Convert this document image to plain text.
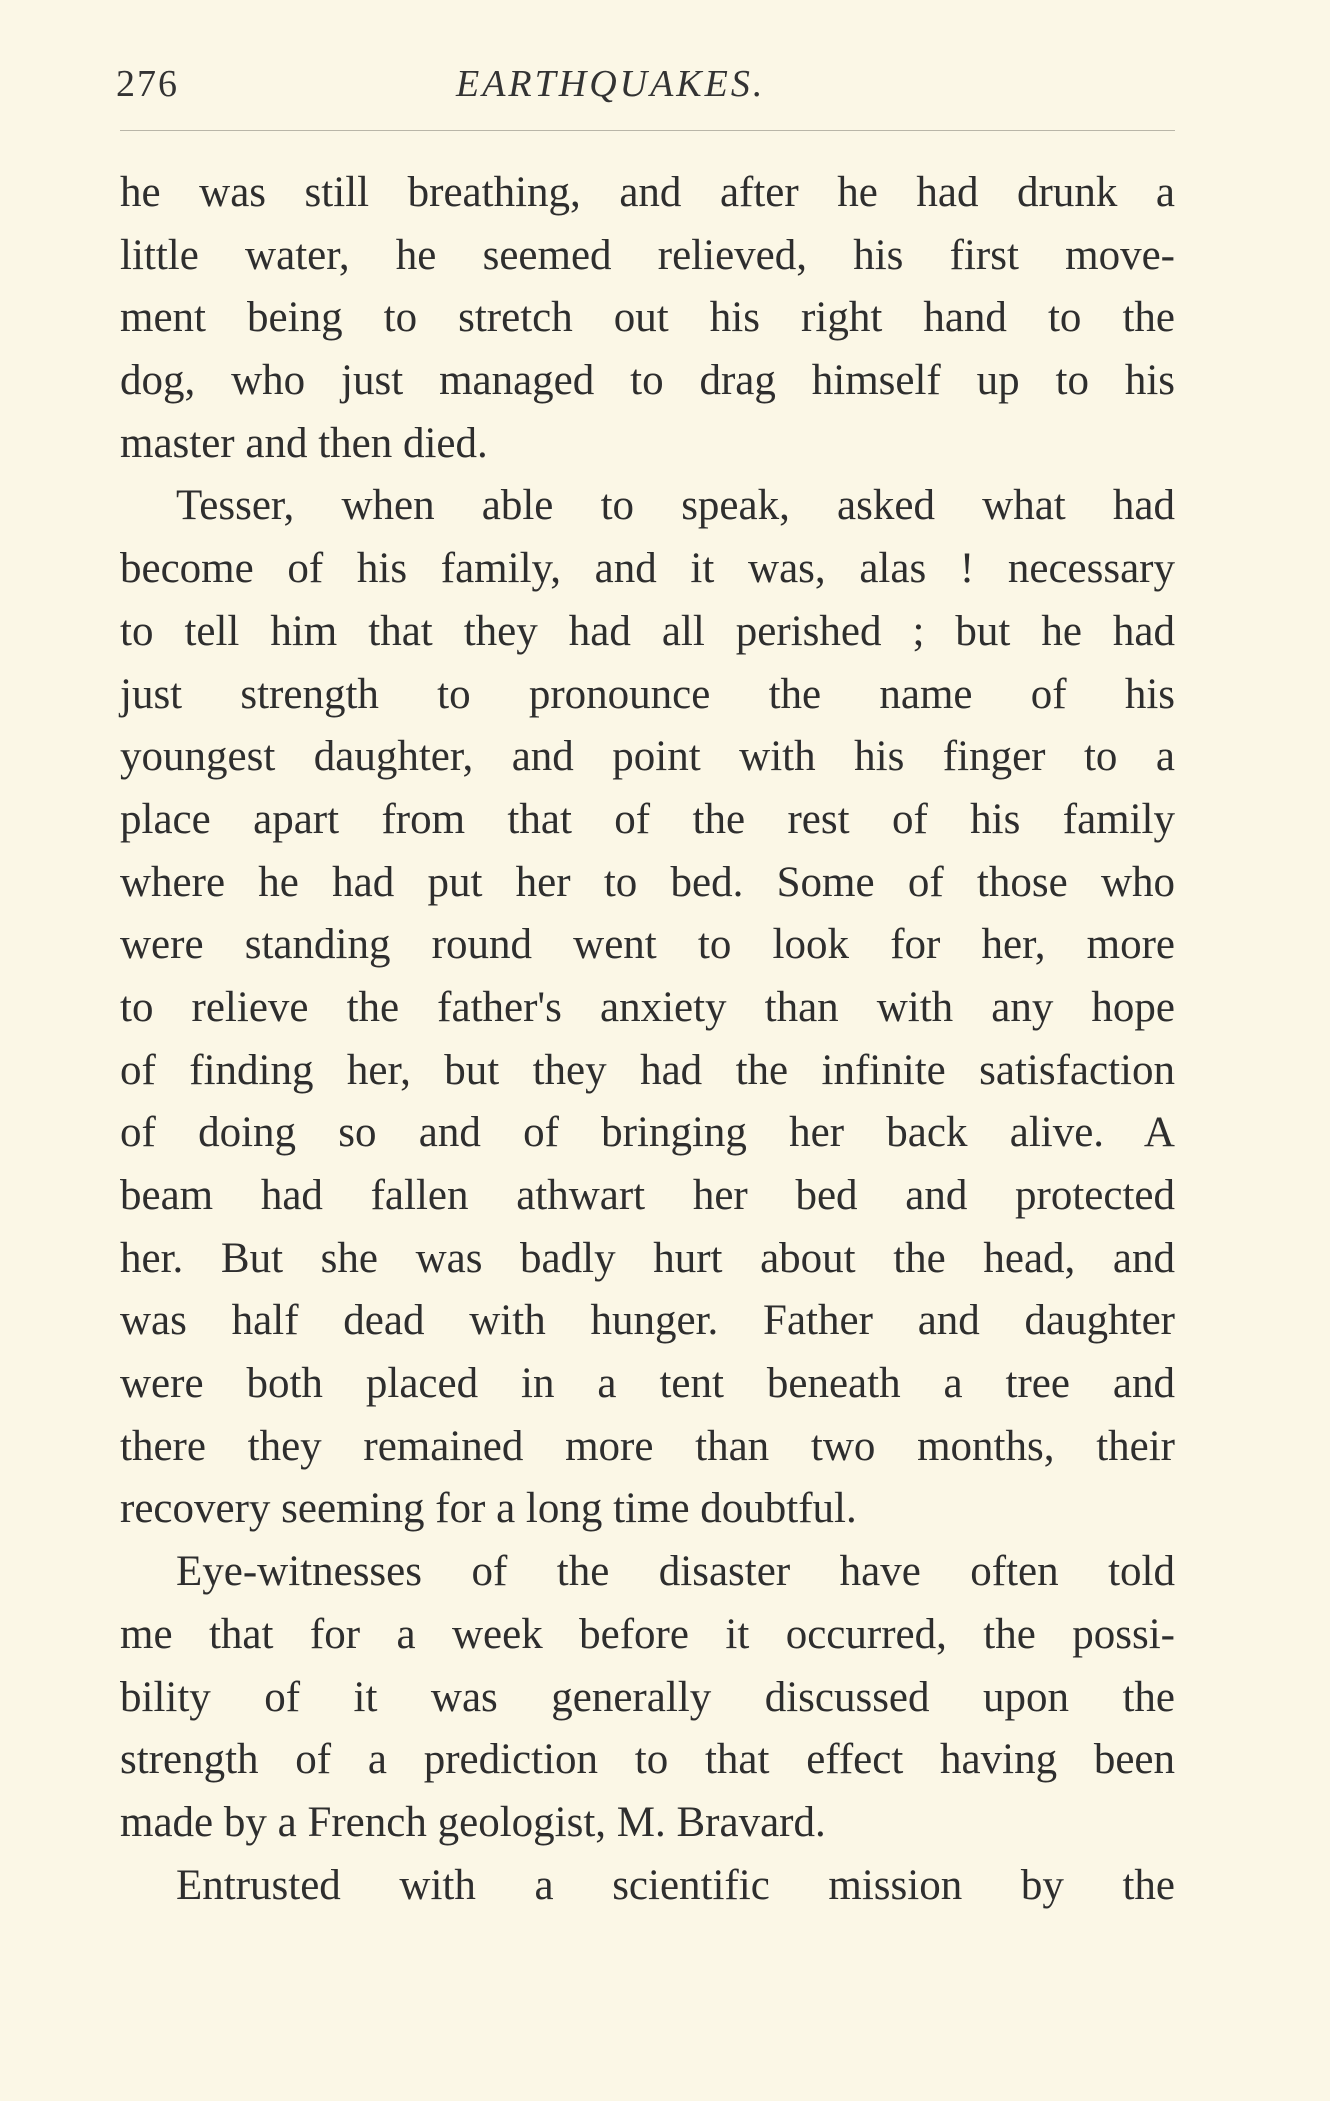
276	EARTHQUAKES.
he was still breathing, and after he had drunk a
little water, he seemed relieved, his first move-
ment being to stretch out his right hand to the
dog, who just managed to drag himself up to his
master and then died.
Tesser, when able to speak, asked what had
become of his family, and it was, alas ! necessary
to tell him that they had all perished ; but he had
just strength to pronounce the name of his
youngest daughter, and point with his finger to a
place apart from that of the rest of his family
where he had put her to bed. Some of those who
were standing round went to look for her, more
to relieve the father's anxiety than with any hope
of finding her, but they had the infinite satisfaction
of doing so and of bringing her back alive. A
beam had fallen athwart her bed and protected
her. But she was badly hurt about the head, and
was half dead with hunger. Father and daughter
were both placed in a tent beneath a tree and
there they remained more than two months, their
recovery seeming for a long time doubtful.
Eye-witnesses of the disaster have often told
me that for a week before it occurred, the possi-
bility of it was generally discussed upon the
strength of a prediction to that effect having been
made by a French geologist, M. Bravard.
Entrusted with a scientific mission by the
